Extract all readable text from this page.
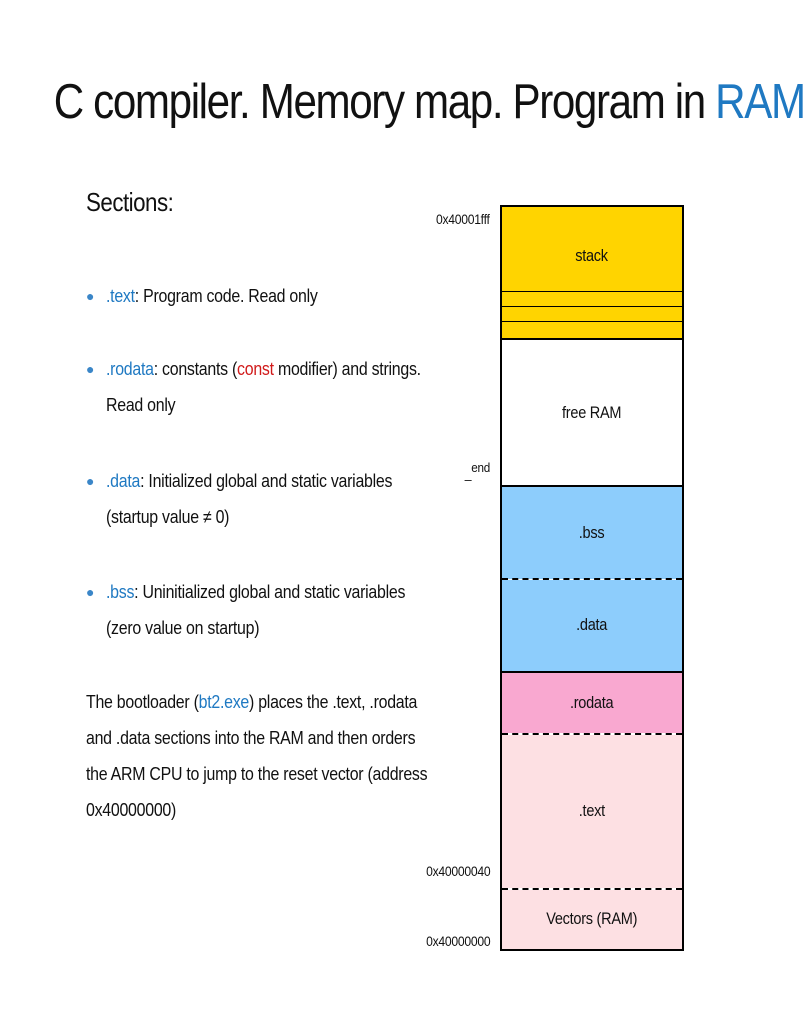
C compiler. Memory map. Program in RAM
Sections:
● .text: Program code. Read only
● .rodata: constants (const modifier) and strings.
Read only
● .data: Initialized global and static variables
(startup value ≠ 0)
● .bss: Uninitialized global and static variables
(zero value on startup)
The bootloader (bt2.exe) places the .text, .rodata
and .data sections into the RAM and then orders
the ARM CPU to jump to the reset vector (address
0x40000000)
0x40001fff
_end
0x40000040
0x40000000
stack
free RAM
.bss
.data
.rodata
.text
Vectors (RAM)
